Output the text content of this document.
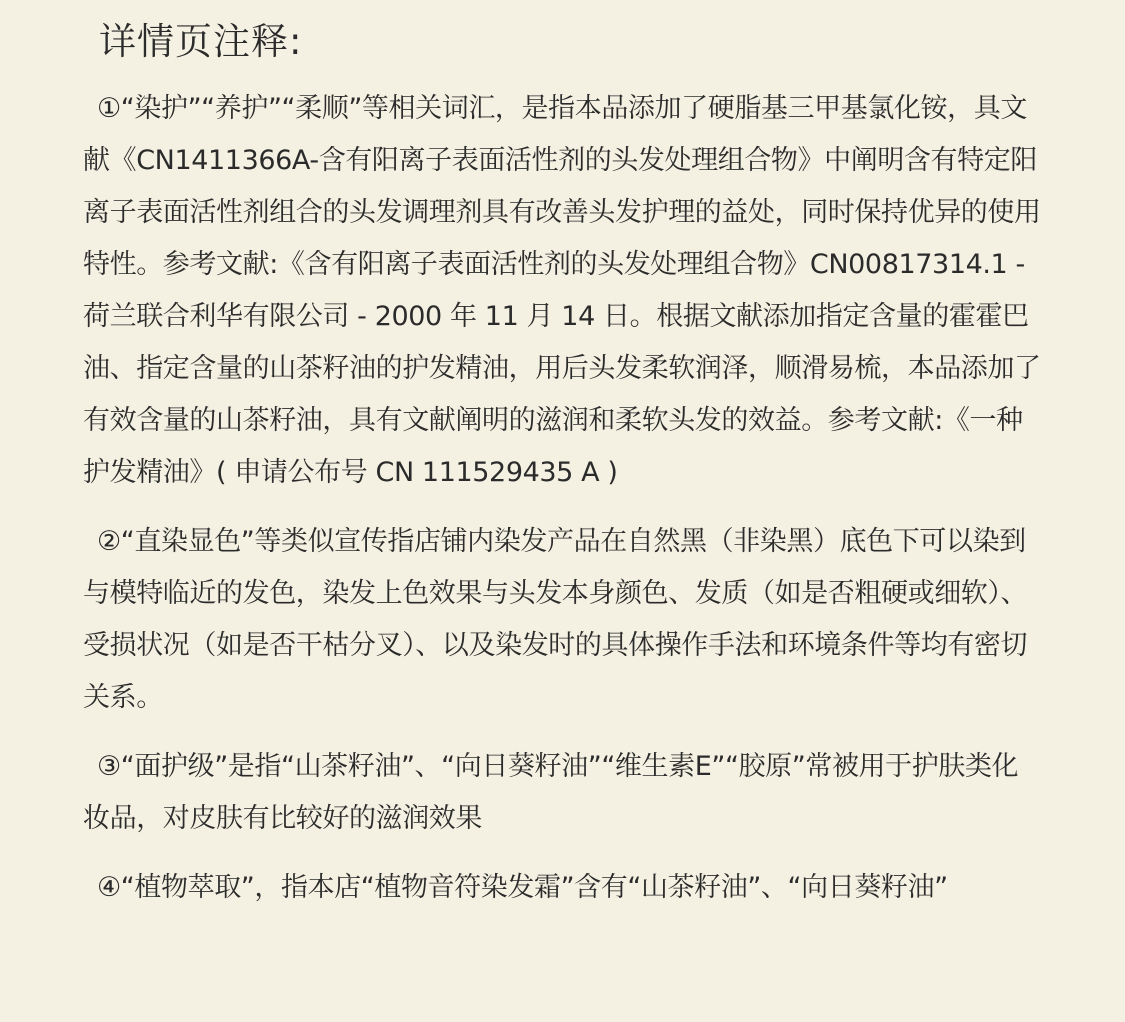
详情页注释:

①“染护”“养护”“柔顺”等相关词汇，是指本品添加了硬脂基三甲基氯化铵，具文献《CN1411366A-含有阳离子表面活性剂的头发处理组合物》中阐明含有特定阳离子表面活性剂组合的头发调理剂具有改善头发护理的益处，同时保持优异的使用特性。参考文献:《含有阳离子表面活性剂的头发处理组合物》CN00817314.1 - 荷兰联合利华有限公司 - 2000 年 11 月 14 日。根据文献添加指定含量的霍霍巴油、指定含量的山茶籽油的护发精油，用后头发柔软润泽，顺滑易梳，本品添加了有效含量的山茶籽油，具有文献阐明的滋润和柔软头发的效益。参考文献:《一种护发精油》( 申请公布号 CN 111529435 A )

②“直染显色”等类似宣传指店铺内染发产品在自然黑（非染黑）底色下可以染到与模特临近的发色，染发上色效果与头发本身颜色、发质（如是否粗硬或细软）、受损状况（如是否干枯分叉）、以及染发时的具体操作手法和环境条件等均有密切关系。

③“面护级”是指“山茶籽油”、“向日葵籽油”“维生素E”“胶原”常被用于护肤类化妆品，对皮肤有比较好的滋润效果

④“植物萃取”，指本店“植物音符染发霜”含有“山茶籽油”、“向日葵籽油”
